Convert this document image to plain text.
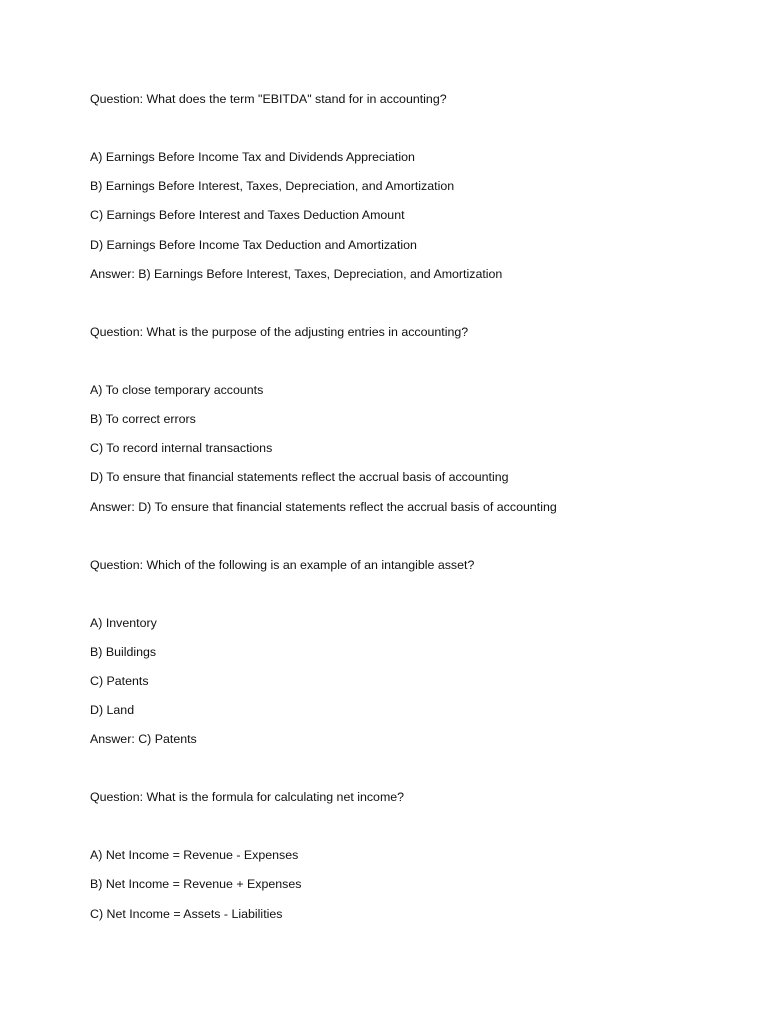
Question: What does the term "EBITDA" stand for in accounting?

A) Earnings Before Income Tax and Dividends Appreciation

B) Earnings Before Interest, Taxes, Depreciation, and Amortization

C) Earnings Before Interest and Taxes Deduction Amount

D) Earnings Before Income Tax Deduction and Amortization

Answer: B) Earnings Before Interest, Taxes, Depreciation, and Amortization

Question: What is the purpose of the adjusting entries in accounting?

A) To close temporary accounts

B) To correct errors

C) To record internal transactions

D) To ensure that financial statements reflect the accrual basis of accounting

Answer: D) To ensure that financial statements reflect the accrual basis of accounting

Question: Which of the following is an example of an intangible asset?

A) Inventory

B) Buildings

C) Patents

D) Land

Answer: C) Patents

Question: What is the formula for calculating net income?

A) Net Income = Revenue - Expenses

B) Net Income = Revenue + Expenses

C) Net Income = Assets - Liabilities
